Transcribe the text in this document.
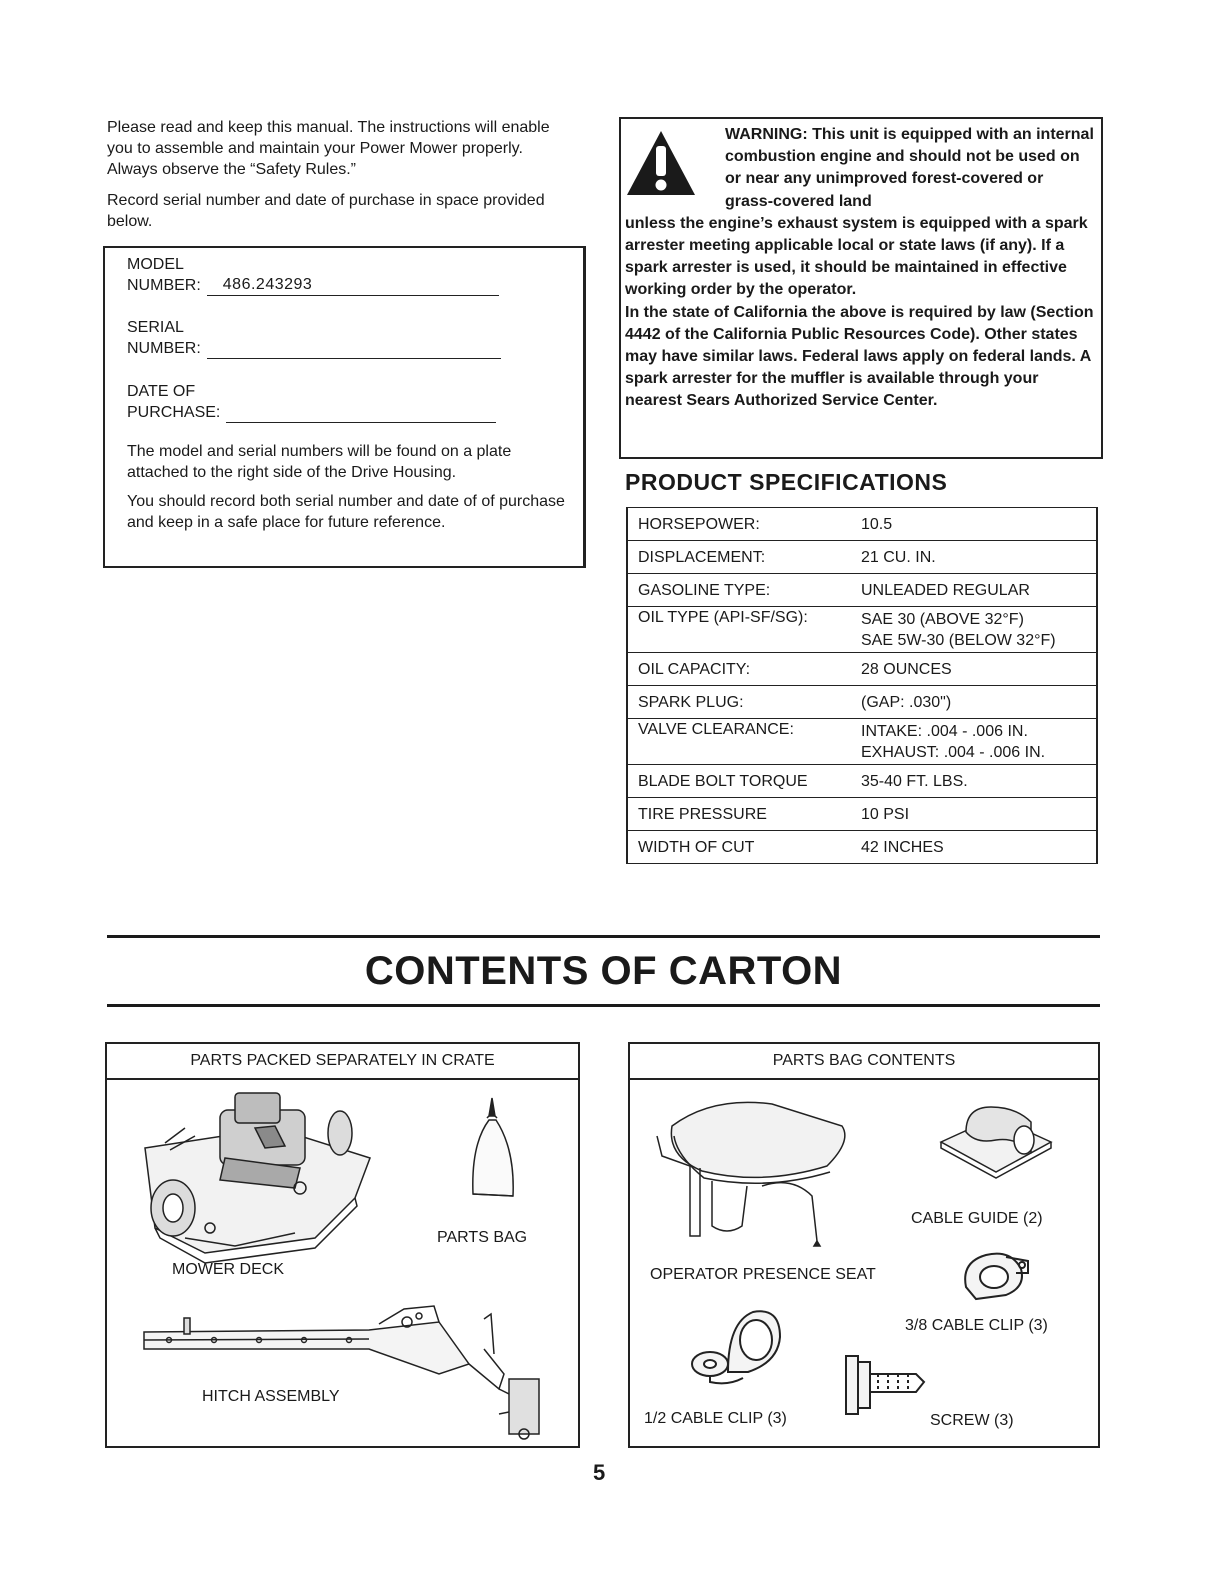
Please read and keep this manual. The instructions will enable you to assemble and maintain your Power Mower properly. Always observe the “Safety Rules.”

Record serial number and date of purchase in space provided below.

MODEL
NUMBER: 486.243293
SERIAL
NUMBER:
DATE OF
PURCHASE:

The model and serial numbers will be found on a plate attached to the right side of the Drive Housing.

You should record both serial number and date of of purchase and keep in a safe place for future reference.

WARNING: This unit is equipped with an internal combustion engine and should not be used on or near any unimproved forest-covered or grass-covered land

unless the engine’s exhaust system is equipped with a spark arrester meeting applicable local or state laws (if any). If a spark arrester is used, it should be maintained in effective working order by the operator.

In the state of California the above is required by law (Section 4442 of the California Public Resources Code). Other states may have similar laws. Federal laws apply on federal lands. A spark arrester for the muffler is available through your nearest Sears Authorized Service Center.

PRODUCT SPECIFICATIONS
HORSEPOWER:	10.5

DISPLACEMENT:	21 CU. IN.

GASOLINE TYPE:	UNLEADED REGULAR

OIL TYPE (API-SF/SG):	SAE 30 (ABOVE 32°F)
SAE 5W-30 (BELOW 32°F)

OIL CAPACITY:	28 OUNCES

SPARK PLUG:	(GAP: .030")

VALVE CLEARANCE:	INTAKE: .004 - .006 IN.
EXHAUST: .004 - .006 IN.

BLADE BOLT TORQUE	35-40 FT. LBS.

TIRE PRESSURE	10 PSI

WIDTH OF CUT	42 INCHES
CONTENTS OF CARTON
PARTS PACKED SEPARATELY IN CRATE
PARTS BAG
MOWER DECK
HITCH ASSEMBLY
PARTS BAG CONTENTS
CABLE GUIDE (2)
OPERATOR PRESENCE SEAT
3/8 CABLE CLIP (3)
1/2 CABLE CLIP (3)	SCREW (3)
5
